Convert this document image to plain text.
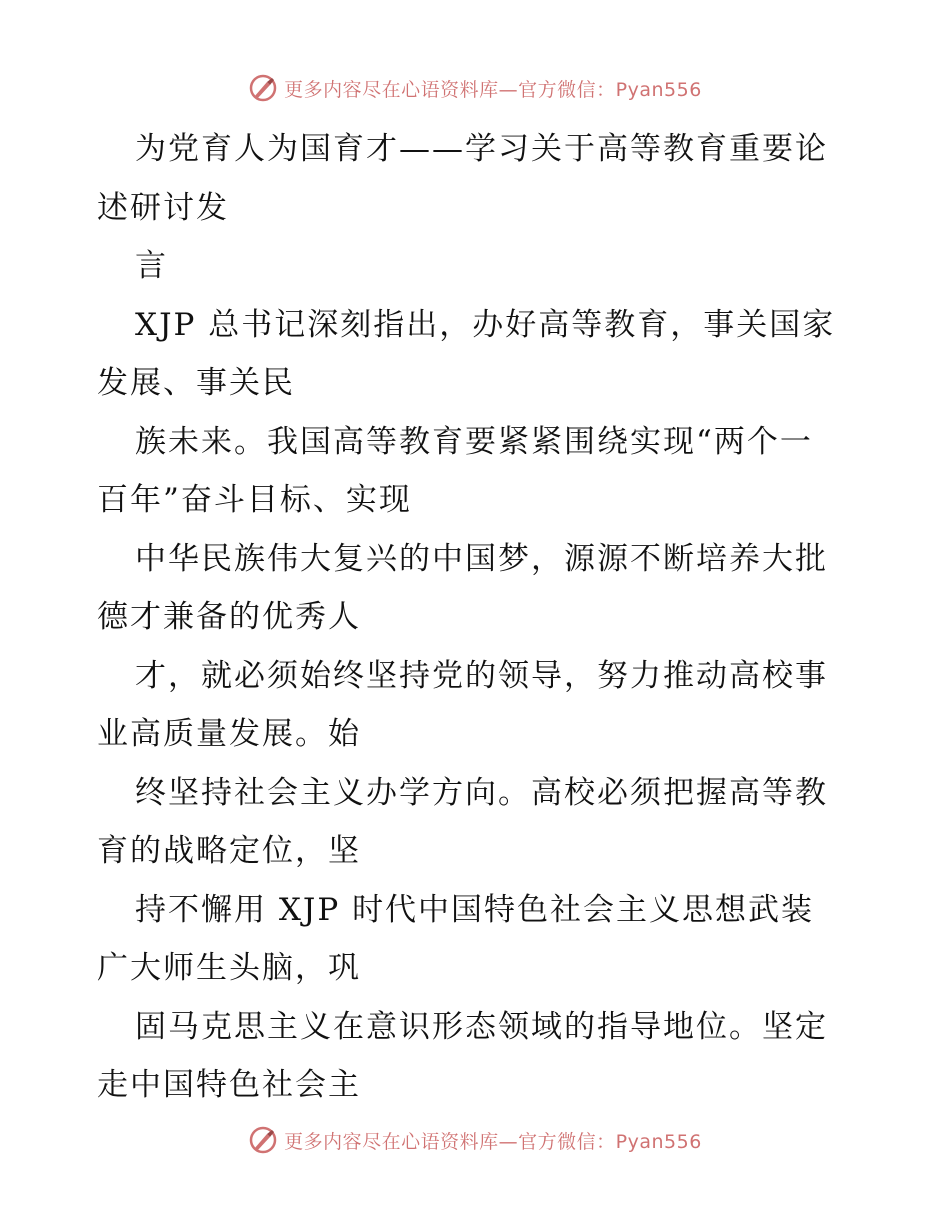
更多内容尽在心语资料库—官方微信：Pyan556
为党育人为国育才——学习关于高等教育重要论
述研讨发
言
XJP 总书记深刻指出，办好高等教育，事关国家
发展、事关民
族未来。我国高等教育要紧紧围绕实现“两个一
百年”奋斗目标、实现
中华民族伟大复兴的中国梦，源源不断培养大批
德才兼备的优秀人
才，就必须始终坚持党的领导，努力推动高校事
业高质量发展。始
终坚持社会主义办学方向。高校必须把握高等教
育的战略定位，坚
持不懈用 XJP 时代中国特色社会主义思想武装
广大师生头脑，巩
固马克思主义在意识形态领域的指导地位。坚定
走中国特色社会主
更多内容尽在心语资料库—官方微信：Pyan556
